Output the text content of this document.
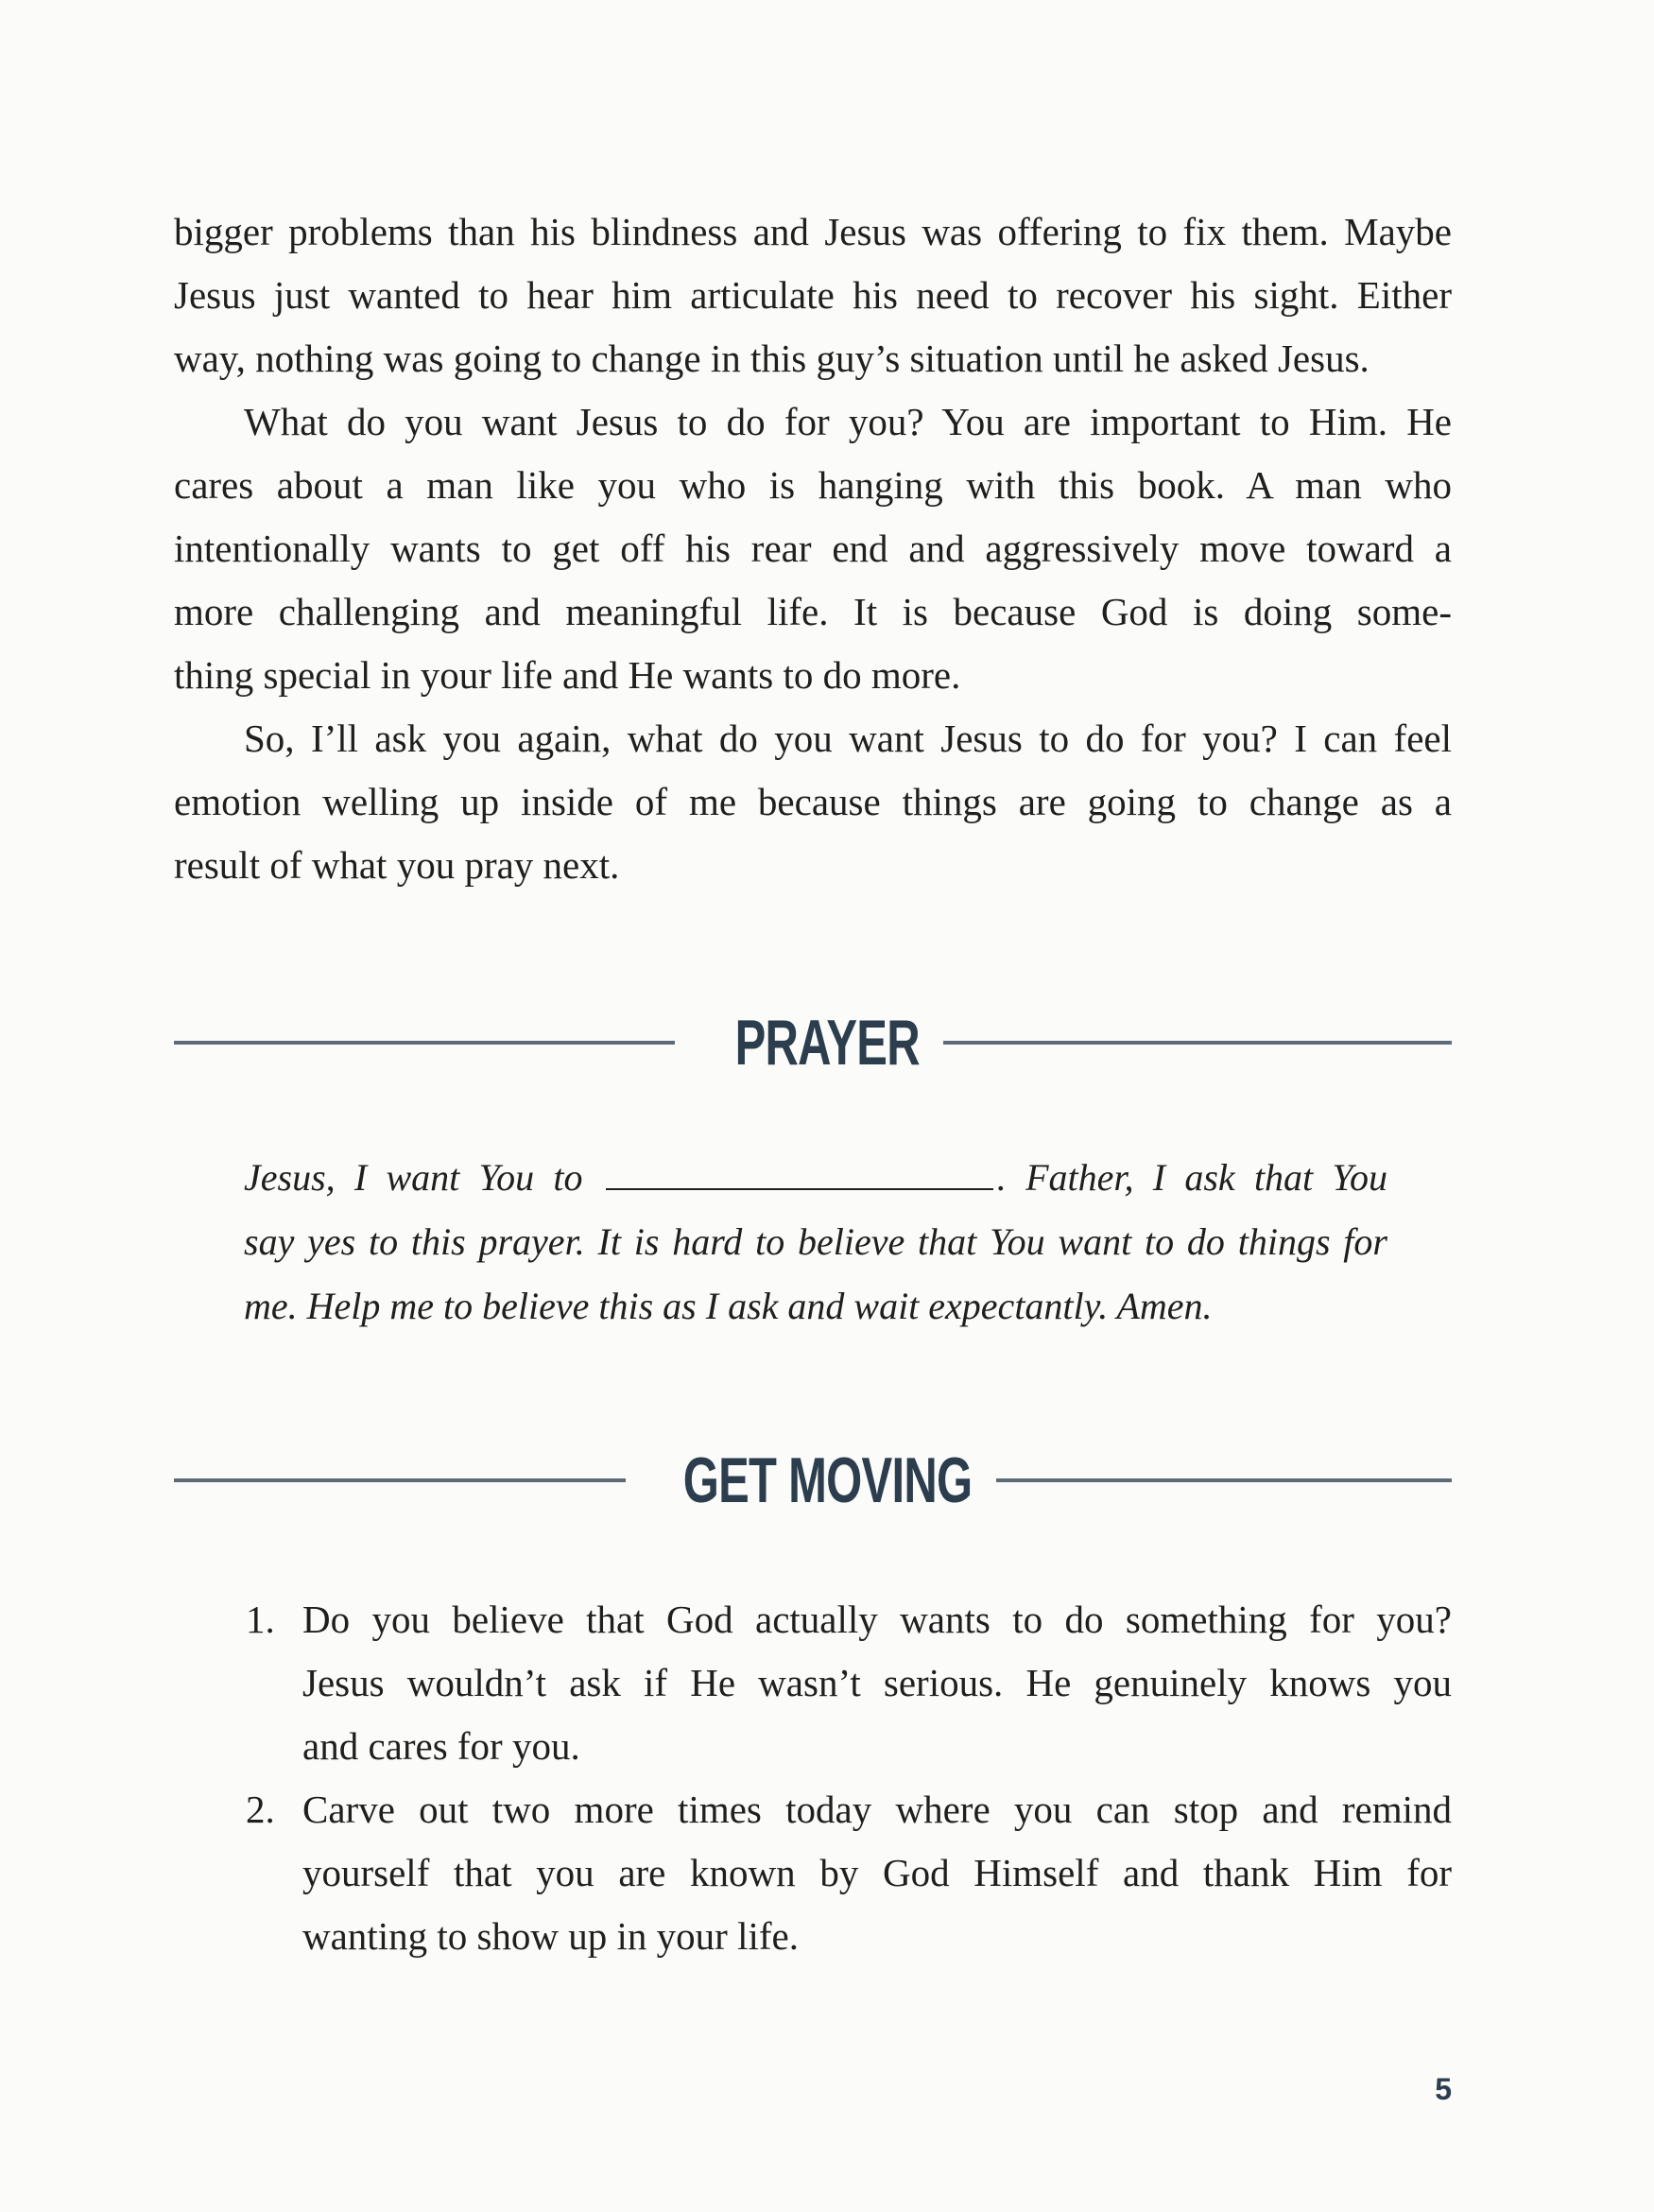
bigger problems than his blindness and Jesus was offering to fix them. Maybe
Jesus just wanted to hear him articulate his need to recover his sight. Either
way, nothing was going to change in this guy’s situation until he asked Jesus.

What do you want Jesus to do for you? You are important to Him. He
cares about a man like you who is hanging with this book. A man who
intentionally wants to get off his rear end and aggressively move toward a
more challenging and meaningful life. It is because God is doing some-
thing special in your life and He wants to do more.

So, I’ll ask you again, what do you want Jesus to do for you? I can feel
emotion welling up inside of me because things are going to change as a
result of what you pray next.

PRAYER
Jesus, I want You to	. Father, I ask that You
say yes to this prayer. It is hard to believe that You want to do things for
me. Help me to believe this as I ask and wait expectantly. Amen.
GET MOVING
1. Do you believe that God actually wants to do something for you?
Jesus wouldn’t ask if He wasn’t serious. He genuinely knows you
and cares for you.
2. Carve out two more times today where you can stop and remind
yourself that you are known by God Himself and thank Him for
wanting to show up in your life.
5
